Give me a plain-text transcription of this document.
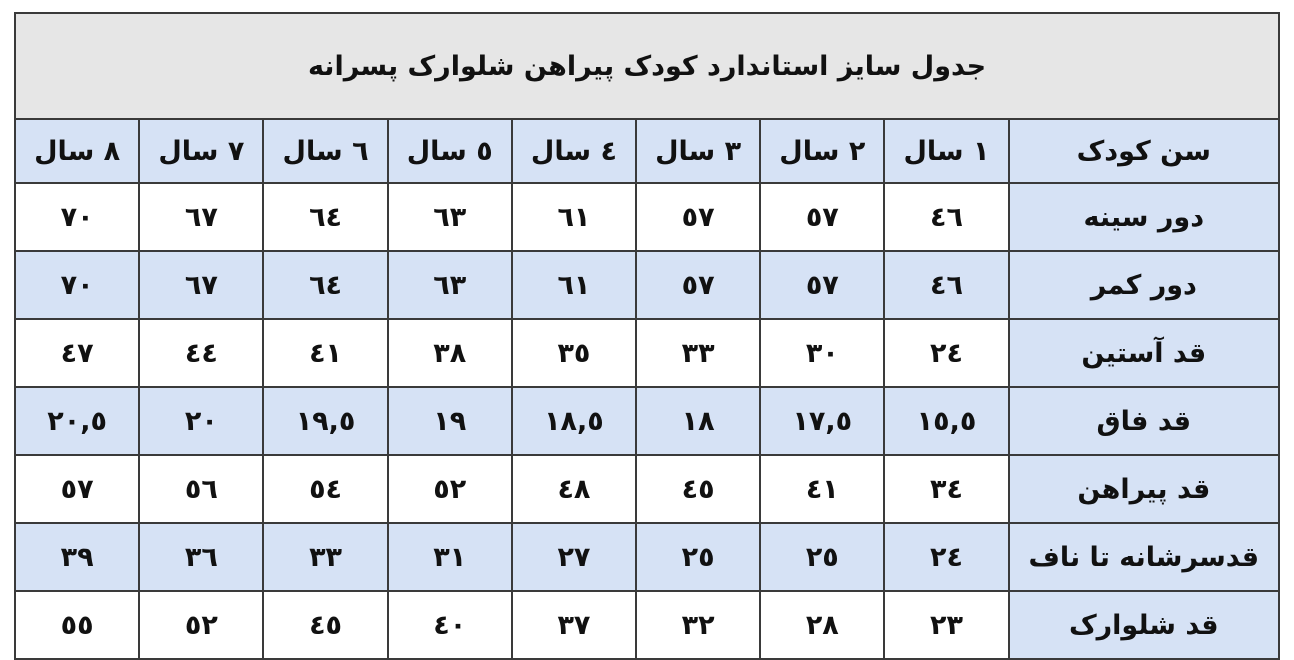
جدول سایز استاندارد کودک پیراهن شلوارک پسرانه								
سن کودک	١ سال	٢ سال	٣ سال	٤ سال	٥ سال	٦ سال	٧ سال	٨ سال
دور سینه	٤٦	٥٧	٥٧	٦١	٦٣	٦٤	٦٧	٧٠
دور کمر	٤٦	٥٧	٥٧	٦١	٦٣	٦٤	٦٧	٧٠
قد آستین	٢٤	٣٠	٣٣	٣٥	٣٨	٤١	٤٤	٤٧
قد فاق	١٥,٥	١٧,٥	١٨	١٨,٥	١٩	١٩,٥	٢٠	٢٠,٥
قد پیراهن	٣٤	٤١	٤٥	٤٨	٥٢	٥٤	٥٦	٥٧
قدسرشانه تا ناف	٢٤	٢٥	٢٥	٢٧	٣١	٣٣	٣٦	٣٩
قد شلوارک	٢٣	٢٨	٣٢	٣٧	٤٠	٤٥	٥٢	٥٥
